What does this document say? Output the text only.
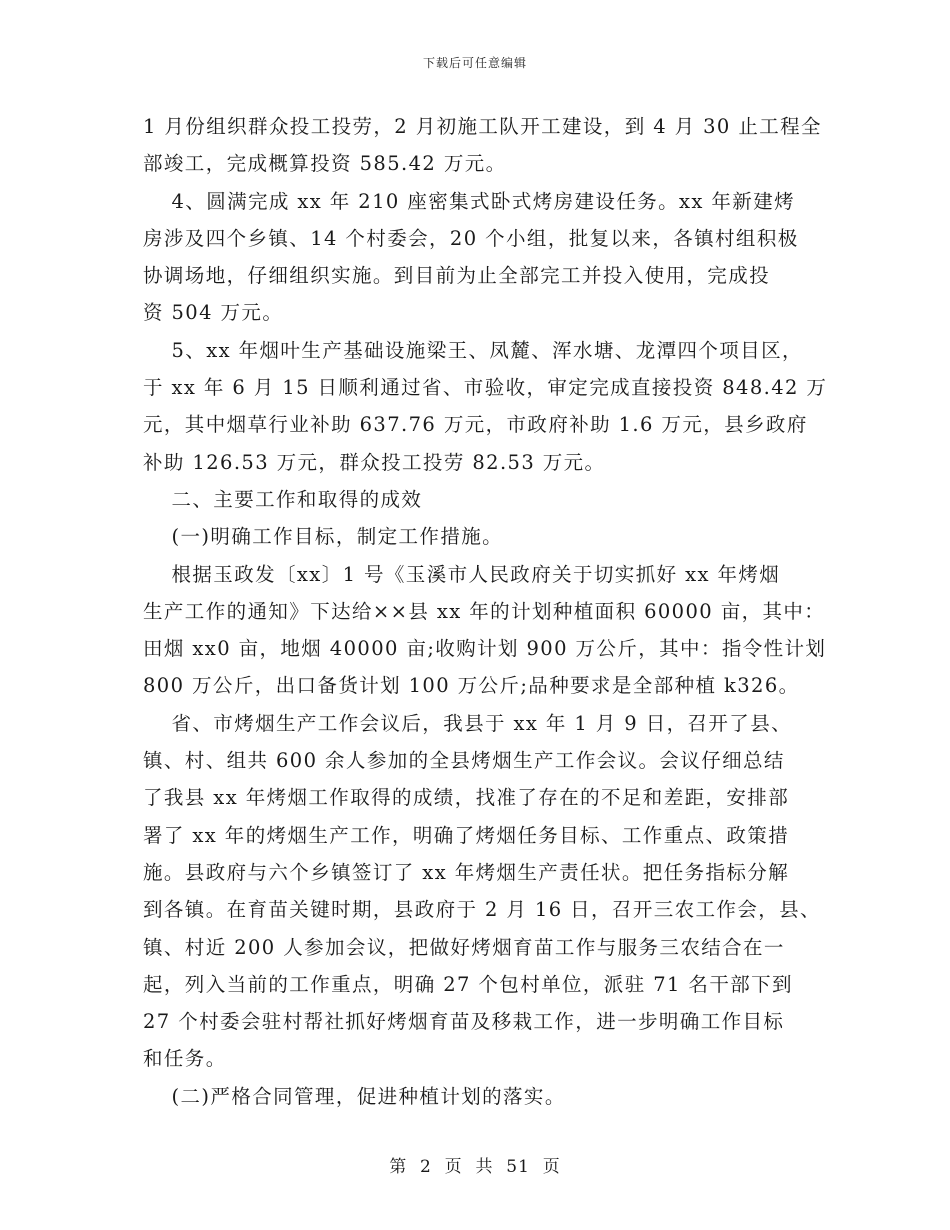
下载后可任意编辑
1 月份组织群众投工投劳，2 月初施工队开工建设，到 4 月 30 止工程全
部竣工，完成概算投资 585.42 万元。
　 4、圆满完成 xx 年 210 座密集式卧式烤房建设任务。xx 年新建烤
房涉及四个乡镇、14 个村委会，20 个小组，批复以来，各镇村组积极
协调场地，仔细组织实施。到目前为止全部完工并投入使用，完成投
资 504 万元。
　 5、xx 年烟叶生产基础设施梁王、凤麓、浑水塘、龙潭四个项目区，
于 xx 年 6 月 15 日顺利通过省、市验收，审定完成直接投资 848.42 万
元，其中烟草行业补助 637.76 万元，市政府补助 1.6 万元，县乡政府
补助 126.53 万元，群众投工投劳 82.53 万元。
　 二、主要工作和取得的成效
　 (一)明确工作目标，制定工作措施。
　 根据玉政发〔xx〕1 号《玉溪市人民政府关于切实抓好 xx 年烤烟
生产工作的通知》下达给××县 xx 年的计划种植面积 60000 亩，其中：
田烟 xx0 亩，地烟 40000 亩;收购计划 900 万公斤，其中：指令性计划
800 万公斤，出口备货计划 100 万公斤;品种要求是全部种植 k326。
　 省、市烤烟生产工作会议后，我县于 xx 年 1 月 9 日，召开了县、
镇、村、组共 600 余人参加的全县烤烟生产工作会议。会议仔细总结
了我县 xx 年烤烟工作取得的成绩，找准了存在的不足和差距，安排部
署了 xx 年的烤烟生产工作，明确了烤烟任务目标、工作重点、政策措
施。县政府与六个乡镇签订了 xx 年烤烟生产责任状。把任务指标分解
到各镇。在育苗关键时期，县政府于 2 月 16 日，召开三农工作会，县、
镇、村近 200 人参加会议，把做好烤烟育苗工作与服务三农结合在一
起，列入当前的工作重点，明确 27 个包村单位，派驻 71 名干部下到
27 个村委会驻村帮社抓好烤烟育苗及移栽工作，进一步明确工作目标
和任务。
　 (二)严格合同管理，促进种植计划的落实。
第  2  页  共  51  页
